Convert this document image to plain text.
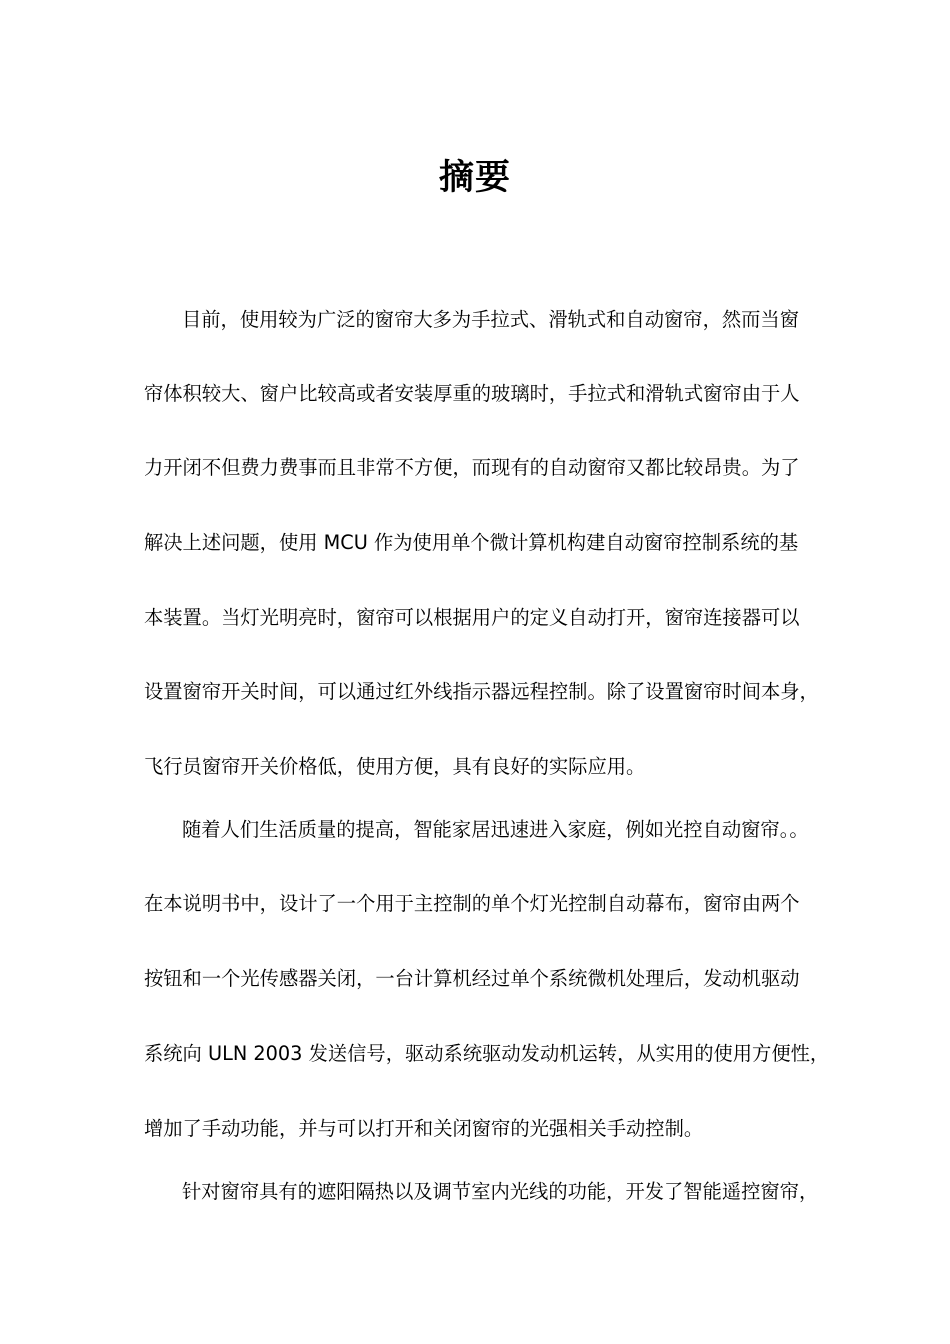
摘要
目前，使用较为广泛的窗帘大多为手拉式、滑轨式和自动窗帘，然而当窗
帘体积较大、窗户比较高或者安装厚重的玻璃时，手拉式和滑轨式窗帘由于人
力开闭不但费力费事而且非常不方便，而现有的自动窗帘又都比较昂贵。为了
解决上述问题，使用 MCU 作为使用单个微计算机构建自动窗帘控制系统的基
本装置。当灯光明亮时，窗帘可以根据用户的定义自动打开，窗帘连接器可以
设置窗帘开关时间，可以通过红外线指示器远程控制。除了设置窗帘时间本身，
飞行员窗帘开关价格低，使用方便，具有良好的实际应用。
随着人们生活质量的提高，智能家居迅速进入家庭，例如光控自动窗帘。。
在本说明书中，设计了一个用于主控制的单个灯光控制自动幕布，窗帘由两个
按钮和一个光传感器关闭，一台计算机经过单个系统微机处理后，发动机驱动
系统向 ULN 2003 发送信号，驱动系统驱动发动机运转，从实用的使用方便性，
增加了手动功能，并与可以打开和关闭窗帘的光强相关手动控制。
针对窗帘具有的遮阳隔热以及调节室内光线的功能，开发了智能遥控窗帘，
